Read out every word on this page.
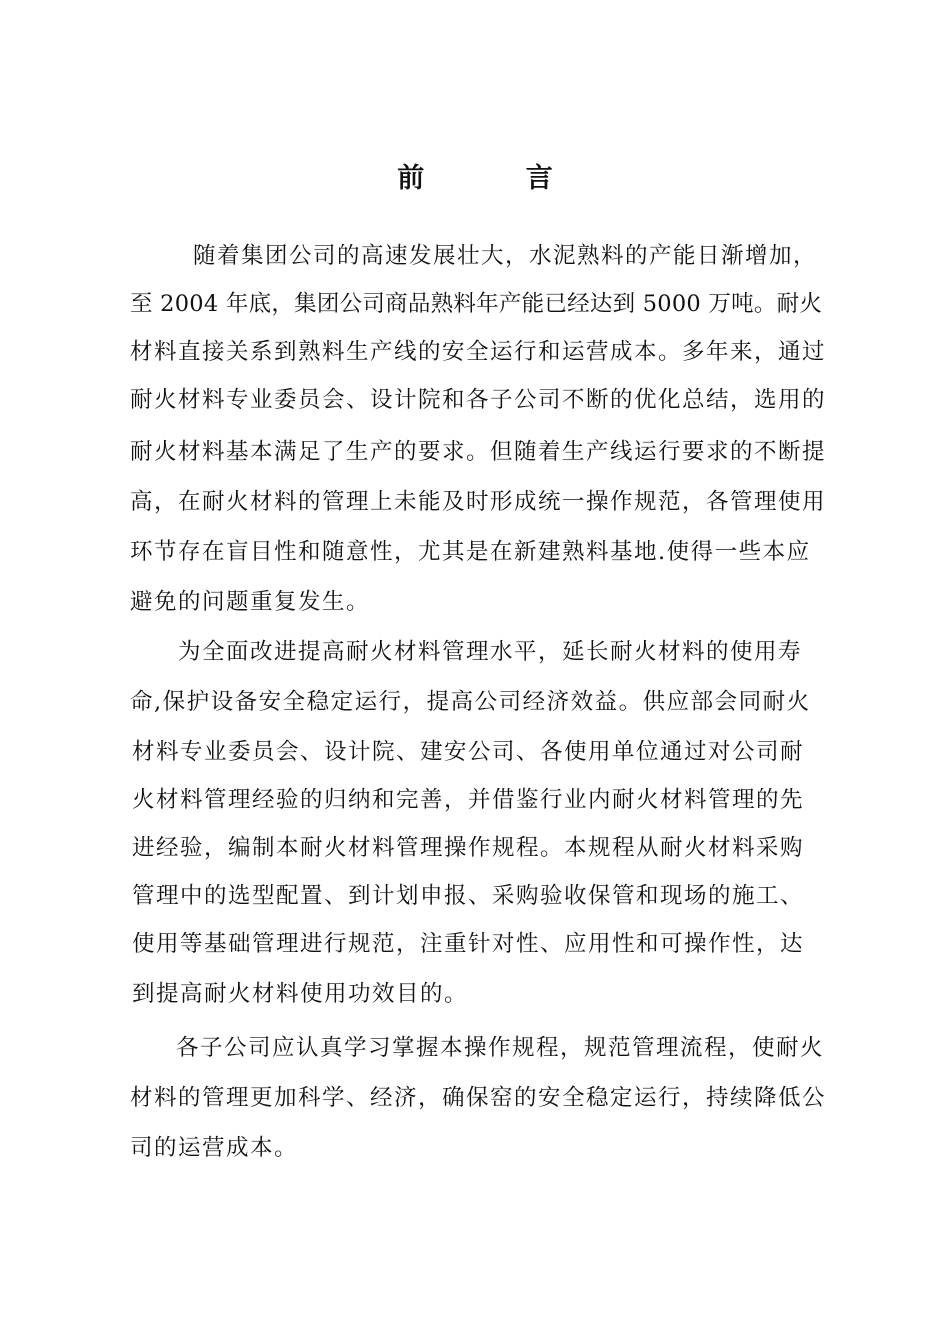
前 言
随着集团公司的高速发展壮大，水泥熟料的产能日渐增加，
至 2004 年底，集团公司商品熟料年产能已经达到 5000 万吨。耐火
材料直接关系到熟料生产线的安全运行和运营成本。多年来，通过
耐火材料专业委员会、设计院和各子公司不断的优化总结，选用的
耐火材料基本满足了生产的要求。但随着生产线运行要求的不断提
高，在耐火材料的管理上未能及时形成统一操作规范，各管理使用
环节存在盲目性和随意性，尤其是在新建熟料基地.使得一些本应
避免的问题重复发生。
为全面改进提高耐火材料管理水平，延长耐火材料的使用寿
命,保护设备安全稳定运行，提高公司经济效益。供应部会同耐火
材料专业委员会、设计院、建安公司、各使用单位通过对公司耐
火材料管理经验的归纳和完善，并借鉴行业内耐火材料管理的先
进经验，编制本耐火材料管理操作规程。本规程从耐火材料采购
管理中的选型配置、到计划申报、采购验收保管和现场的施工、
使用等基础管理进行规范，注重针对性、应用性和可操作性，达
到提高耐火材料使用功效目的。
各子公司应认真学习掌握本操作规程，规范管理流程，使耐火
材料的管理更加科学、经济，确保窑的安全稳定运行，持续降低公
司的运营成本。
